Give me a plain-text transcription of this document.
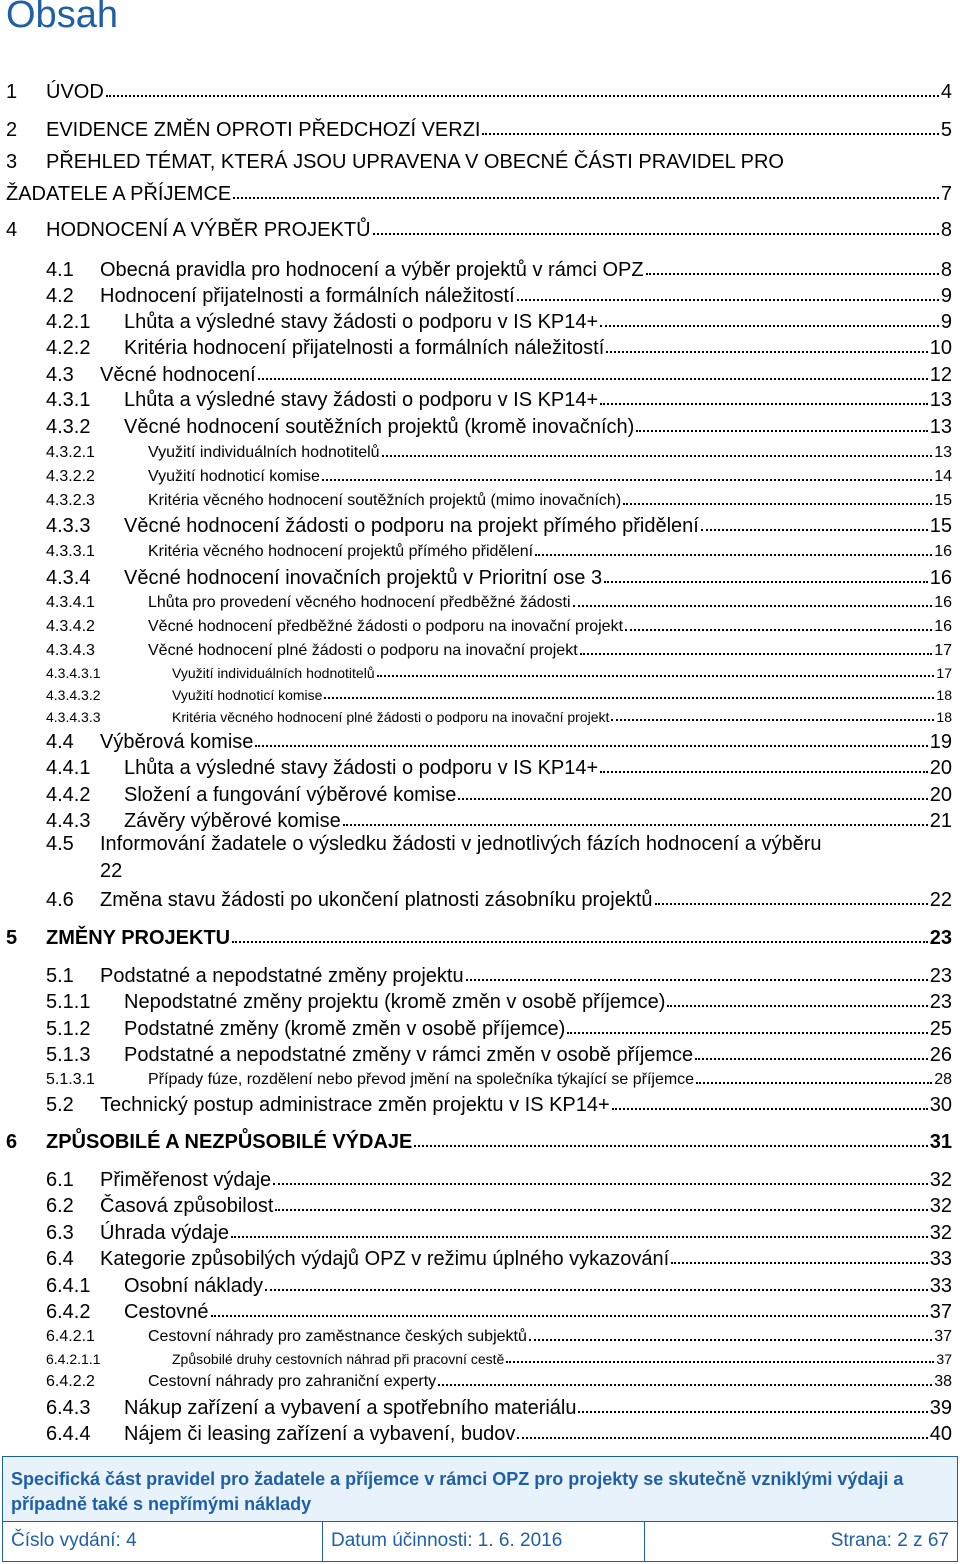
Obsah
1	ÚVOD	4
2	EVIDENCE ZMĚN OPROTI PŘEDCHOZÍ VERZI	5
3	PŘEHLED TÉMAT, KTERÁ JSOU UPRAVENA V OBECNÉ ČÁSTI PRAVIDEL PRO
ŽADATELE A PŘÍJEMCE	7
4	HODNOCENÍ A VÝBĚR PROJEKTŮ	8
4.1	Obecná pravidla pro hodnocení a výběr projektů v rámci OPZ	8
4.2	Hodnocení přijatelnosti a formálních náležitostí	9
4.2.1	Lhůta a výsledné stavy žádosti o podporu v IS KP14+	9
4.2.2	Kritéria hodnocení přijatelnosti a formálních náležitostí	10
4.3	Věcné hodnocení	12
4.3.1	Lhůta a výsledné stavy žádosti o podporu v IS KP14+	13
4.3.2	Věcné hodnocení soutěžních projektů (kromě inovačních)	13
4.3.2.1	Využití individuálních hodnotitelů	13
4.3.2.2	Využití hodnoticí komise	14
4.3.2.3	Kritéria věcného hodnocení soutěžních projektů (mimo inovačních)	15
4.3.3	Věcné hodnocení žádosti o podporu na projekt přímého přidělení	15
4.3.3.1	Kritéria věcného hodnocení projektů přímého přidělení	16
4.3.4	Věcné hodnocení inovačních projektů v Prioritní ose 3	16
4.3.4.1	Lhůta pro provedení věcného hodnocení předběžné žádosti	16
4.3.4.2	Věcné hodnocení předběžné žádosti o podporu na inovační projekt	16
4.3.4.3	Věcné hodnocení plné žádosti o podporu na inovační projekt	17
4.3.4.3.1	Využití individuálních hodnotitelů	17
4.3.4.3.2	Využití hodnoticí komise	18
4.3.4.3.3	Kritéria věcného hodnocení plné žádosti o podporu na inovační projekt	18
4.4	Výběrová komise	19
4.4.1	Lhůta a výsledné stavy žádosti o podporu v IS KP14+	20
4.4.2	Složení a fungování výběrové komise	20
4.4.3	Závěry výběrové komise	21
4.5	Informování žadatele o výsledku žádosti v jednotlivých fázích hodnocení a výběru
22
4.6	Změna stavu žádosti po ukončení platnosti zásobníku projektů	22
5	ZMĚNY PROJEKTU	23
5.1	Podstatné a nepodstatné změny projektu	23
5.1.1	Nepodstatné změny projektu (kromě změn v osobě příjemce)	23
5.1.2	Podstatné změny (kromě změn v osobě příjemce)	25
5.1.3	Podstatné a nepodstatné změny v rámci změn v osobě příjemce	26
5.1.3.1	Případy fúze, rozdělení nebo převod jmění na společníka týkající se příjemce	28
5.2	Technický postup administrace změn projektu v IS KP14+	30
6	ZPŮSOBILÉ A NEZPŮSOBILÉ VÝDAJE	31
6.1	Přiměřenost výdaje	32
6.2	Časová způsobilost	32
6.3	Úhrada výdaje	32
6.4	Kategorie způsobilých výdajů OPZ v režimu úplného vykazování	33
6.4.1	Osobní náklady	33
6.4.2	Cestovné	37
6.4.2.1	Cestovní náhrady pro zaměstnance českých subjektů	37
6.4.2.1.1	Způsobilé druhy cestovních náhrad při pracovní cestě	37
6.4.2.2	Cestovní náhrady pro zahraniční experty	38
6.4.3	Nákup zařízení a vybavení a spotřebního materiálu	39
6.4.4	Nájem či leasing zařízení a vybavení, budov	40
Specifická část pravidel pro žadatele a příjemce v rámci OPZ pro projekty se skutečně vzniklými výdaji a případně také s nepřímými náklady
Číslo vydání: 4	Datum účinnosti: 1. 6. 2016	Strana: 2 z 67
